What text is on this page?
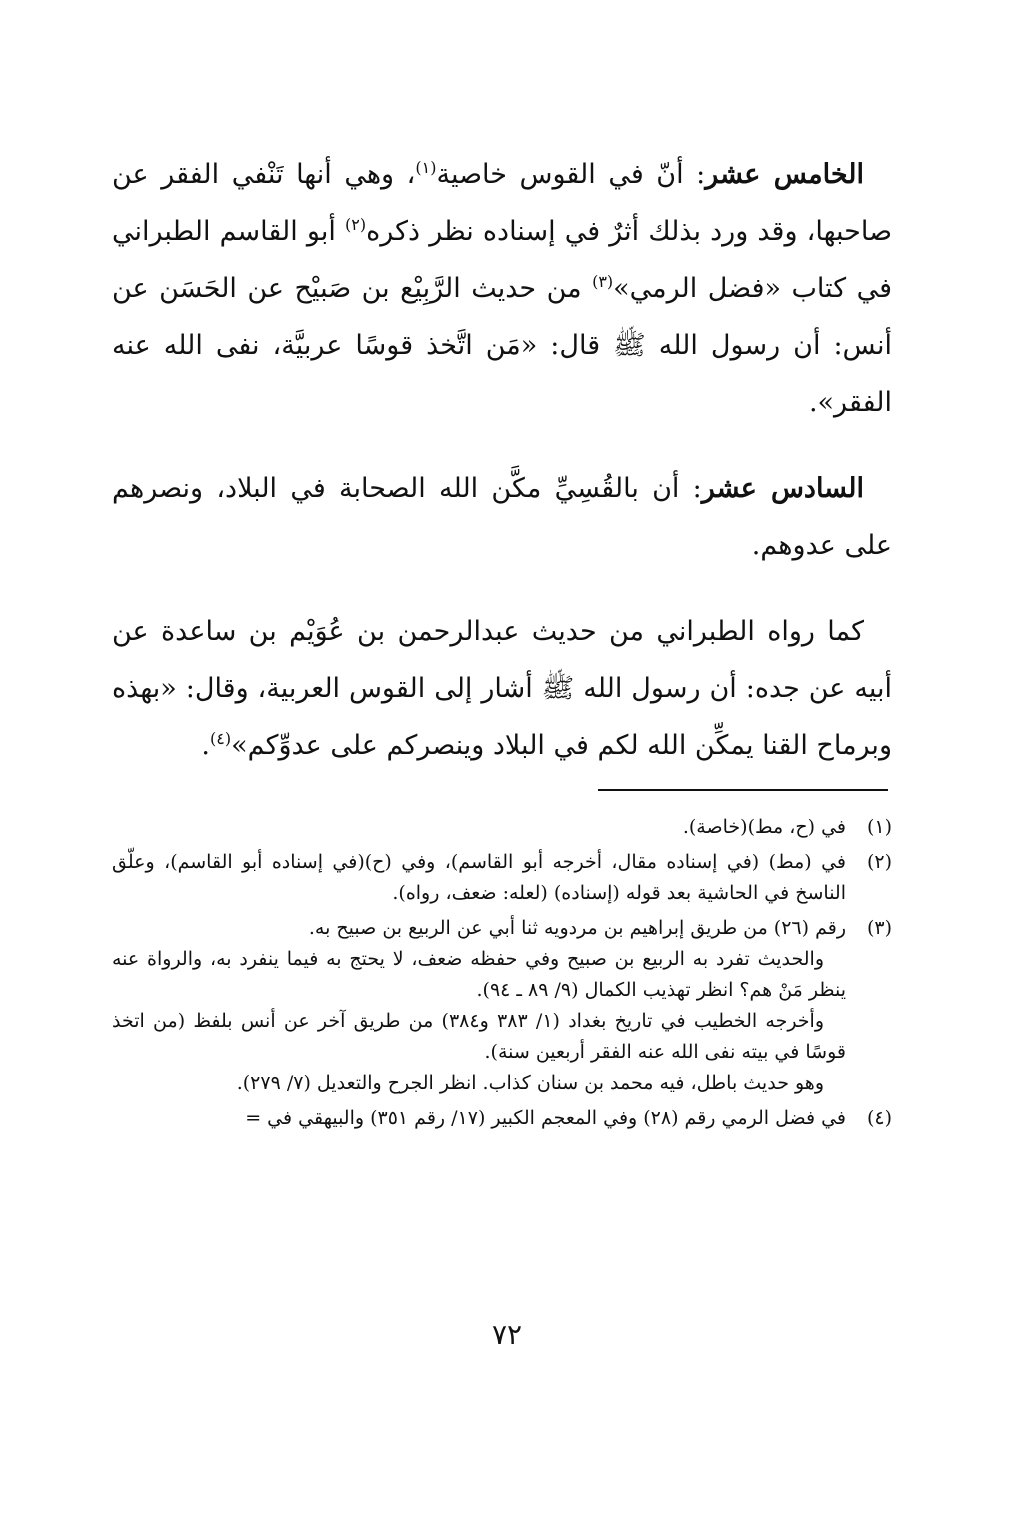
الخامس عشر: أنّ في القوس خاصية$^{(١)}$، وهي أنها تَنْفي الفقر عن صاحبها، وقد ورد بذلك أثرٌ في إسناده نظر ذكره$^{(٢)}$ أبو القاسم الطبراني في كتاب «فضل الرمي»$^{(٣)}$ من حديث الرَّبِيْع بن صَبيْح عن الحَسَن عن أنس: أن رسول الله ﷺ قال: «مَن اتَّخذ قوسًا عربيَّة، نفى الله عنه الفقر».

السادس عشر: أن بالقُسِيِّ مكَّن الله الصحابة في البلاد، ونصرهم على عدوهم.

كما رواه الطبراني من حديث عبدالرحمن بن عُوَيْم بن ساعدة عن أبيه عن جده: أن رسول الله ﷺ أشار إلى القوس العربية، وقال: «بهذه وبرماح القنا يمكِّن الله لكم في البلاد وينصركم على عدوِّكم»$^{(٤)}$.

(١)
في (ح، مط)(خاصة).
(٢)
في (مط) (في إسناده مقال، أخرجه أبو القاسم)، وفي (ح)(في إسناده أبو القاسم)، وعلّق الناسخ في الحاشية بعد قوله (إسناده) (لعله: ضعف، رواه).
(٣)
رقم (٢٦) من طريق إبراهيم بن مردويه ثنا أبي عن الربيع بن صبيح به.
والحديث تفرد به الربيع بن صبيح وفي حفظه ضعف، لا يحتج به فيما ينفرد به، والرواة عنه ينظر مَنْ هم؟ انظر تهذيب الكمال (٩/ ٨٩ ـ ٩٤).
وأخرجه الخطيب في تاريخ بغداد (١/ ٣٨٣ و٣٨٤) من طريق آخر عن أنس بلفظ (من اتخذ قوسًا في بيته نفى الله عنه الفقر أربعين سنة).
وهو حديث باطل، فيه محمد بن سنان كذاب. انظر الجرح والتعديل (٧/ ٢٧٩).
(٤)
في فضل الرمي رقم (٢٨) وفي المعجم الكبير (١٧/ رقم ٣٥١) والبيهقي في =
٧٢
